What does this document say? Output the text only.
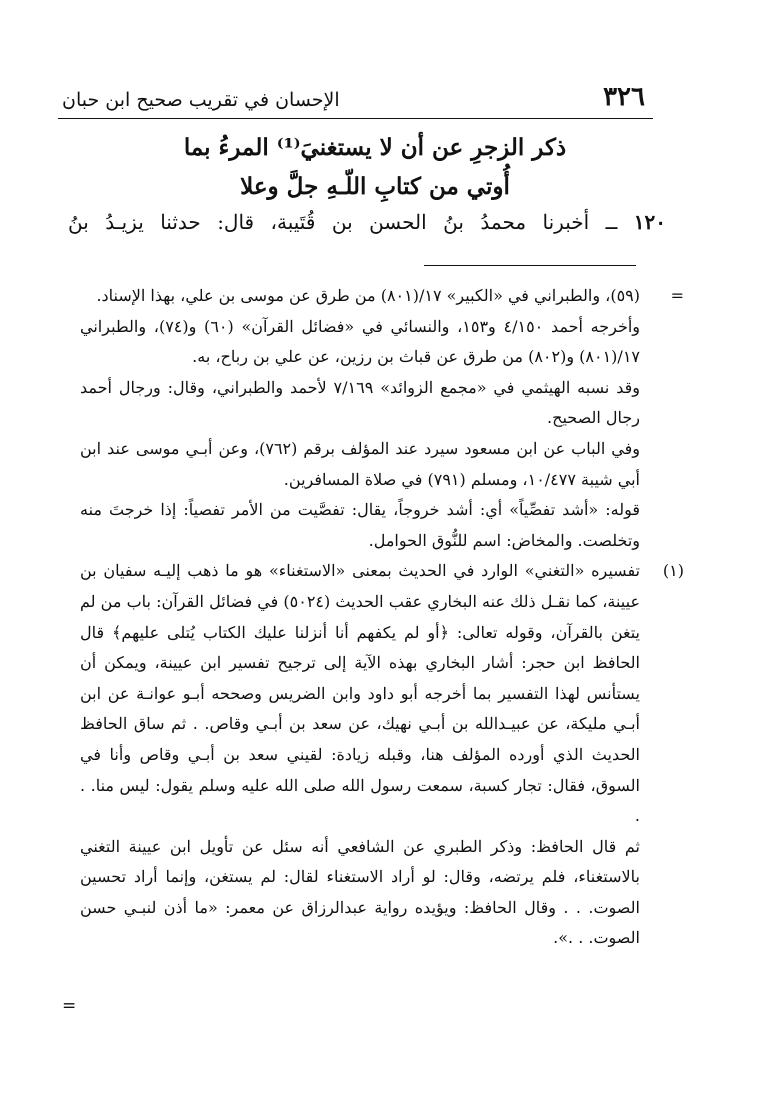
٣٢٦
الإحسان في تقريب صحيح ابن حبان
ذكر الزجرِ عن أن لا يستغنيَ⁽¹⁾ المرءُ بما
أُوتي من كتابِ اللّـهِ جلَّ وعلا
١٢٠ ــ أخبرنا محمدُ بنُ الحسن بن قُتَيبة، قال: حدثنا يزيـدُ بنُ

=
(٥٩)، والطبراني في «الكبير» ١٧/(٨٠١) من طرق عن موسى بن علي، بهذا الإسناد.

وأخرجه أحمد ٤/١٥٠ و١٥٣، والنسائي في «فضائل القرآن» (٦٠) و(٧٤)، والطبراني ١٧/(٨٠١) و(٨٠٢) من طرق عن قباث بن رزين، عن علي بن رباح، به.

وقد نسبه الهيثمي في «مجمع الزوائد» ٧/١٦٩ لأحمد والطبراني، وقال: ورجال أحمد رجال الصحيح.

وفي الباب عن ابن مسعود سيرد عند المؤلف برقم (٧٦٢)، وعن أبـي موسى عند ابن أبي شيبة ١٠/٤٧٧، ومسلم (٧٩١) في صلاة المسافرين.

قوله: «أشد تفصِّياً» أي: أشد خروجاً، يقال: تفصَّيت من الأمر تفصياً: إذا خرجتَ منه وتخلصت. والمخاض: اسم للنُّوق الحوامل.

(١)
تفسيره «التغني» الوارد في الحديث بمعنى «الاستغناء» هو ما ذهب إليـه سفيان بن عيينة، كما نقـل ذلك عنه البخاري عقب الحديث (٥٠٢٤) في فضائل القرآن: باب من لم يتغن بالقرآن، وقوله تعالى: ﴿أو لم يكفهم أنا أنزلنا عليك الكتاب يُتلى عليهم﴾ قال الحافظ ابن حجر: أشار البخاري بهذه الآية إلى ترجيح تفسير ابن عيينة، ويمكن أن يستأنس لهذا التفسير بما أخرجه أبو داود وابن الضريس وصححه أبـو عوانـة عن ابن أبـي مليكة، عن عبيـدالله بن أبـي نهيك، عن سعد بن أبـي وقاص. . ثم ساق الحافظ الحديث الذي أورده المؤلف هنا، وقبله زيادة: لقيني سعد بن أبـي وقاص وأنا في السوق، فقال: تجار كسبة، سمعت رسول الله صلى الله عليه وسلم يقول: ليس منا. . .

ثم قال الحافظ: وذكر الطبري عن الشافعي أنه سئل عن تأويل ابن عيينة التغني بالاستغناء، فلم يرتضه، وقال: لو أراد الاستغناء لقال: لم يستغن، وإنما أراد تحسين الصوت. . . وقال الحافظ: ويؤيده رواية عبدالرزاق عن معمر: «ما أذن لنبـي حسن الصوت. . .».

=
